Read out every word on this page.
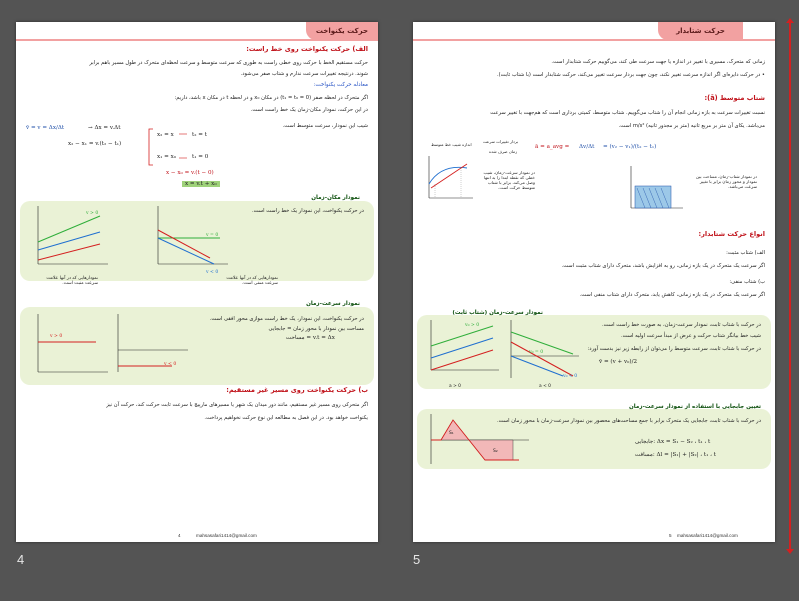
حرکت یکنواخت
الف) حرکت یکنواخت روی خط راست:
حرکت مستقیم الخط با حرکت روی خطی راست به طوری که سرعت متوسط و سرعت لحظه‌ای متحرک در طول مسیر باهم برابر
شوند. درنتیجه تغییرات سرعت ندارم و شتاب صفر می‌شود.
معادله حرکت یکنواخت:
اگر متحرک در لحظه صفر (t₁ = t₀ = 0) در مکان x₀ و در لحظه t در مکان x باشد، داریم:
در این حرکت، نمودار مکان-زمان یک خط راست است.
شیب این نمودار، سرعت متوسط است.
v̄ = v = Δx/Δt	→ Δx = v.Δt
x₂ − x₁ = v.(t₂ − t₁)
x₂ = x	t₂ = t
x₁ = x₀	t₁ = 0
x − x₀ = v.(t − 0)
x = v.t + x₀
نمودار مکان-زمان
در حرکت یکنواخت، این نمودار یک خط راست است.
v > 0
v = 0
v < 0
نمودارهایی که در آنها علامت سرعت مثبت است.
نمودارهایی که در آنها علامت سرعت منفی است.
نمودار سرعت-زمان
در حرکت یکنواخت، این نمودار، یک خط راست موازی محور افقی است.
مساحت بین نمودار با محور زمان = جابجایی
مساحت = v.t = Δx
v > 0
v < 0
ب) حرکت یکنواخت روی مسیر غیر مستقیم:
اگر متحرکی روی مسیر غیر مستقیم، مانند دور میدان یک شهر یا مسیرهای مارپیچ با سرعت ثابت حرکت کند، حرکت آن نیز
یکنواخت خواهد بود. در این فصل به مطالعه این نوع حرکت نخواهیم پرداخت.
mahsasafari1414@gmail.com
4
4
حرکت شتابدار
زمانی که متحرک، مسیری با تغییر در اندازه یا جهت سرعت طی کند، می‌گوییم حرکت شتابدار است.
• در حرکت دایره‌ای اگر اندازه سرعت تغییر نکند، چون جهت بردار سرعت تغییر می‌کند، حرکت شتابدار است (با شتاب ثابت).
شتاب متوسط (ā):
نسبت تغییرات سرعت به بازه زمانی انجام آن را شتاب می‌گوییم. شتاب متوسط، کمیتی برداری است که هم‌جهت با تغییر سرعت
می‌باشد. یکای آن متر بر مربع ثانیه (متر بر مجذور ثانیه) m/s² است.
ā = a_avg = Δv/Δt = (v₂ − v₁)/(t₂ − t₁)
اندازه شیب خط متوسط
بردار تغییرات سرعت
زمان صرف شده
در نمودار سرعت-زمان، شیب خطی که نقطه ابتدا را به انتها وصل می‌کند، برابر با شتاب متوسط حرکت است.
در نمودار شتاب-زمان، مساحت بین نمودار و محور زمان برابر با تغییر سرعت می‌باشد.
انواع حرکت شتابدار:
الف) شتاب مثبت:
اگر سرعت یک متحرک در یک بازه زمانی، رو به افزایش باشد، متحرک دارای شتاب مثبت است.
ب) شتاب منفی:
اگر سرعت یک متحرک در یک بازه زمانی، کاهش یابد، متحرک دارای شتاب منفی است.
نمودار سرعت-زمان (شتاب ثابت)
در حرکت با شتاب ثابت، نمودار سرعت-زمان، به صورت خط راست است.
شیب خط بیانگر شتاب حرکت و عرض از مبدأ سرعت اولیه است.
در حرکت با شتاب ثابت، سرعت متوسط را می‌توان از رابطه زیر نیز بدست آورد:
v̄ = (v + v₀)/2
v₀ > 0
a > 0
v₀ = 0
v₀ < 0
a < 0
تعیین جابجایی با استفاده از نمودار سرعت-زمان
در حرکت با شتاب ثابت، جابجایی یک متحرک برابر با جمع مساحت‌های محصور بین نمودار سرعت-زمان با محور زمان است.
S₁
S₂
جابجایی: Δx = S₁ − S₂ ، t₁ ، t
مسافت: Δl = |S₁| + |S₂| ، t₁ ، t
mahsasafari1414@gmail.com
5
5
